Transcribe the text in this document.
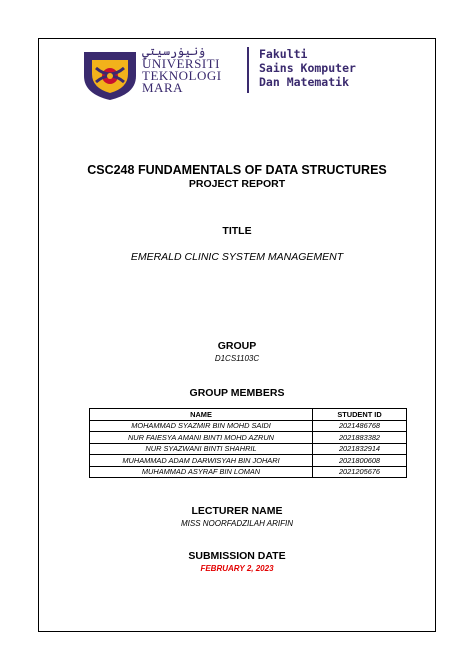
ۏنيۏرسيتي
UNIVERSITI
TEKNOLOGI
MARA
Fakulti
Sains Komputer
Dan Matematik
CSC248 FUNDAMENTALS OF DATA STRUCTURES
PROJECT REPORT
TITLE
EMERALD CLINIC SYSTEM MANAGEMENT
GROUP
D1CS1103C
GROUP MEMBERS
NAME	STUDENT ID
MOHAMMAD SYAZMIR BIN MOHD SAIDI	2021486768
NUR FAIESYA AMANI BINTI MOHD AZRUN	2021883382
NUR SYAZWANI BINTI SHAHRIL	2021832914
MUHAMMAD ADAM DARWISYAH BIN JOHARI	2021800608
MUHAMMAD ASYRAF BIN LOMAN	2021205676
LECTURER NAME
MISS NOORFADZILAH ARIFIN
SUBMISSION DATE
FEBRUARY 2, 2023
